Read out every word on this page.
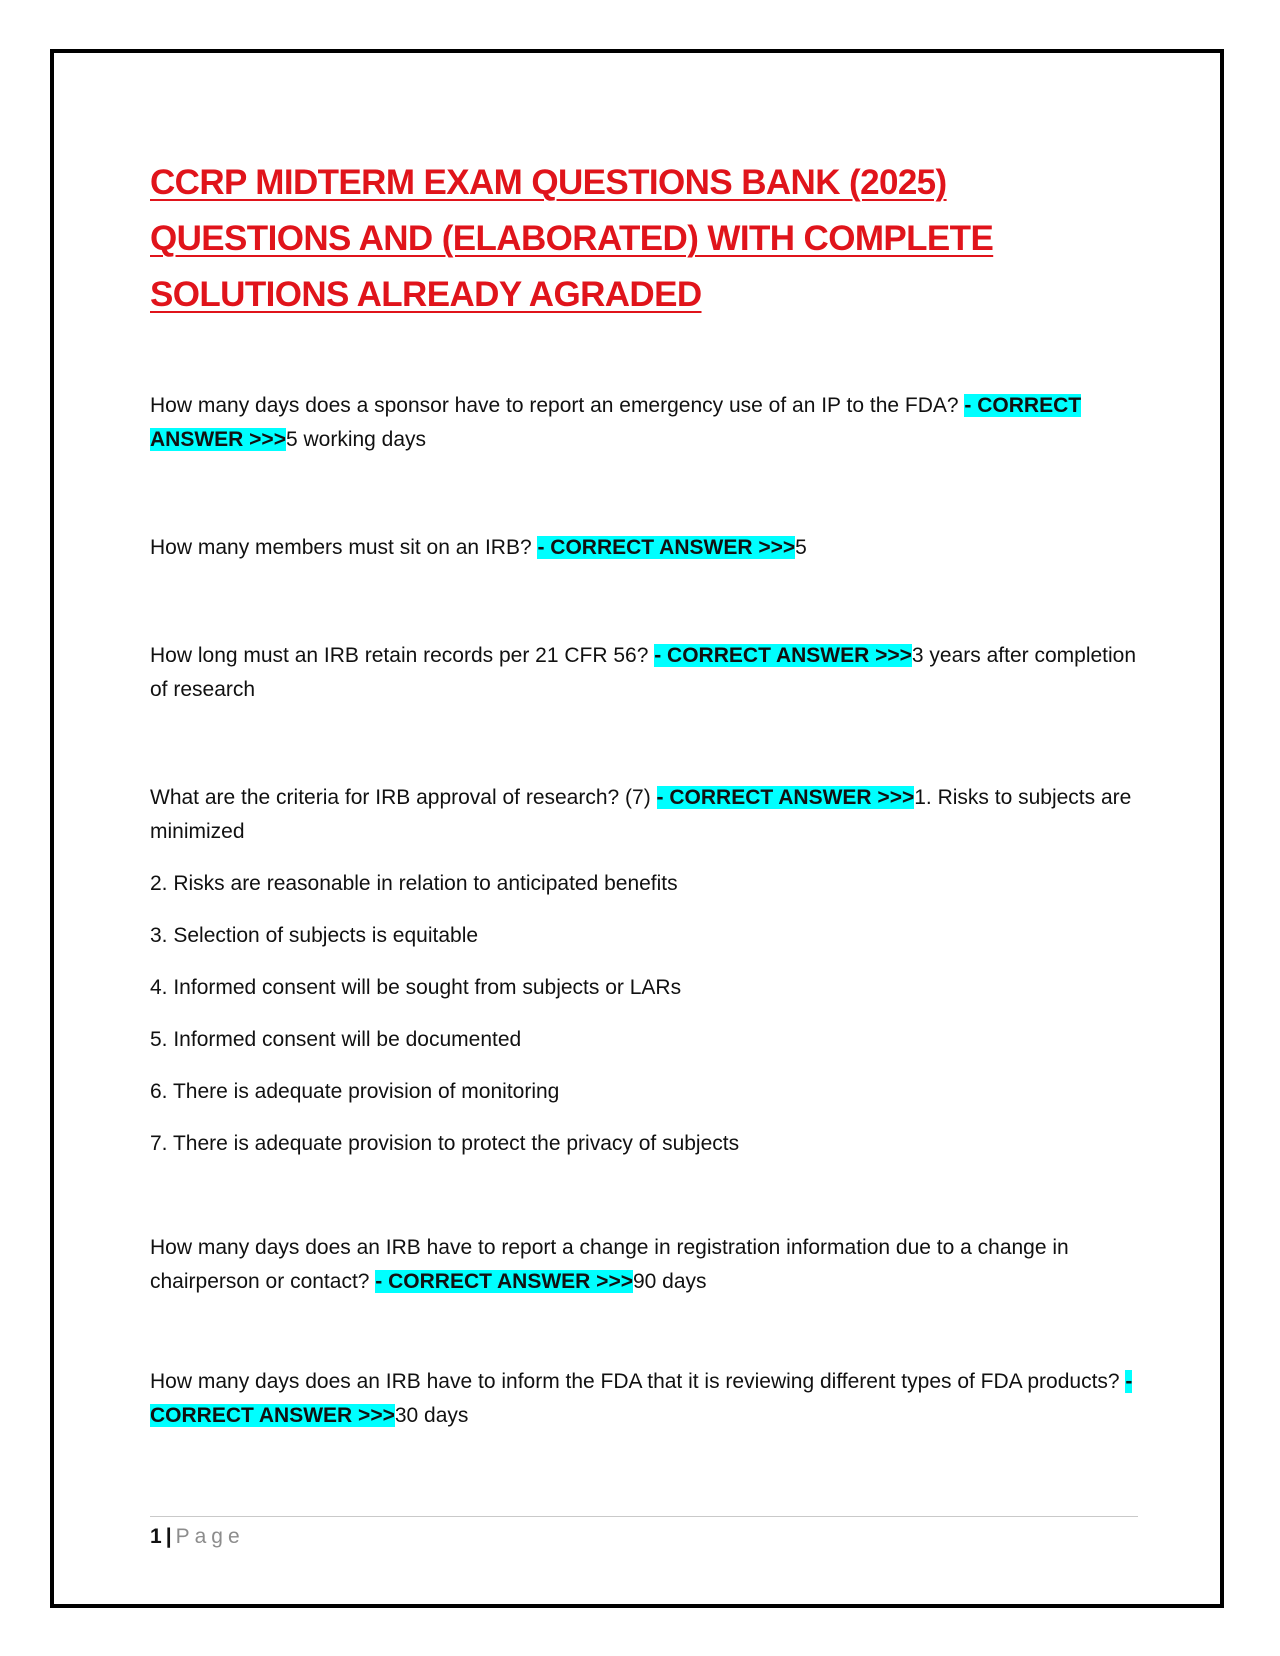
CCRP MIDTERM EXAM QUESTIONS BANK (2025)
QUESTIONS AND (ELABORATED) WITH COMPLETE
SOLUTIONS ALREADY AGRADED

How many days does a sponsor have to report an emergency use of an IP to the FDA? - CORRECT ANSWER >>>5 working days

How many members must sit on an IRB? - CORRECT ANSWER >>>5

How long must an IRB retain records per 21 CFR 56? - CORRECT ANSWER >>>3 years after completion of research

What are the criteria for IRB approval of research? (7) - CORRECT ANSWER >>>1. Risks to subjects are minimized

2. Risks are reasonable in relation to anticipated benefits
3. Selection of subjects is equitable
4. Informed consent will be sought from subjects or LARs
5. Informed consent will be documented
6. There is adequate provision of monitoring
7. There is adequate provision to protect the privacy of subjects

How many days does an IRB have to report a change in registration information due to a change in chairperson or contact? - CORRECT ANSWER >>>90 days

How many days does an IRB have to inform the FDA that it is reviewing different types of FDA products? - CORRECT ANSWER >>>30 days

1 | Page
